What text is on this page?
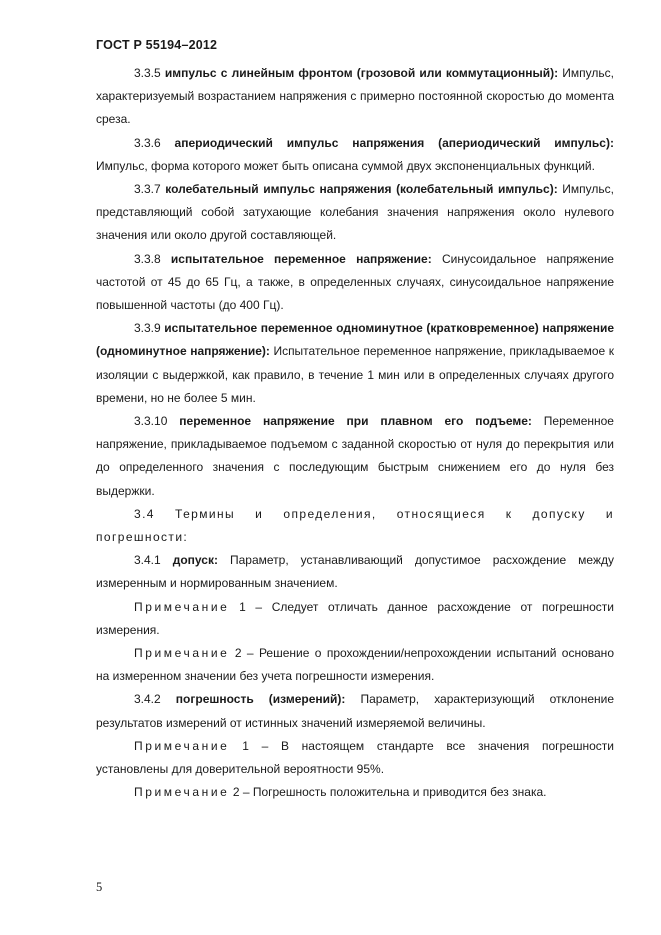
ГОСТ Р 55194–2012

3.3.5 импульс с линейным фронтом (грозовой или коммутационный): Импульс, характеризуемый возрастанием напряжения с примерно постоянной скоростью до момента среза.

3.3.6 апериодический импульс напряжения (апериодический импульс): Импульс, форма которого может быть описана суммой двух экспоненциальных функций.

3.3.7 колебательный импульс напряжения (колебательный импульс): Импульс, представляющий собой затухающие колебания значения напряжения около нулевого значения или около другой составляющей.

3.3.8 испытательное переменное напряжение: Синусоидальное напряжение частотой от 45 до 65 Гц, а также, в определенных случаях, синусоидальное напряжение повышенной частоты (до 400 Гц).

3.3.9 испытательное переменное одноминутное (кратковременное) напряжение (одноминутное напряжение): Испытательное переменное напряжение, прикладываемое к изоляции с выдержкой, как правило, в течение 1 мин или в определенных случаях другого времени, но не более 5 мин.

3.3.10 переменное напряжение при плавном его подъеме: Переменное напряжение, прикладываемое подъемом с заданной скоростью от нуля до перекрытия или до определенного значения с последующим быстрым снижением его до нуля без выдержки.

3.4 Термины и определения, относящиеся к допуску и погрешности:

3.4.1 допуск: Параметр, устанавливающий допустимое расхождение между измеренным и нормированным значением.

Примечание 1 – Следует отличать данное расхождение от погрешности измерения.

Примечание 2 – Решение о прохождении/непрохождении испытаний основано на измеренном значении без учета погрешности измерения.

3.4.2 погрешность (измерений): Параметр, характеризующий отклонение результатов измерений от истинных значений измеряемой величины.

Примечание 1 – В настоящем стандарте все значения погрешности установлены для доверительной вероятности 95%.

Примечание 2 – Погрешность положительна и приводится без знака.

5
